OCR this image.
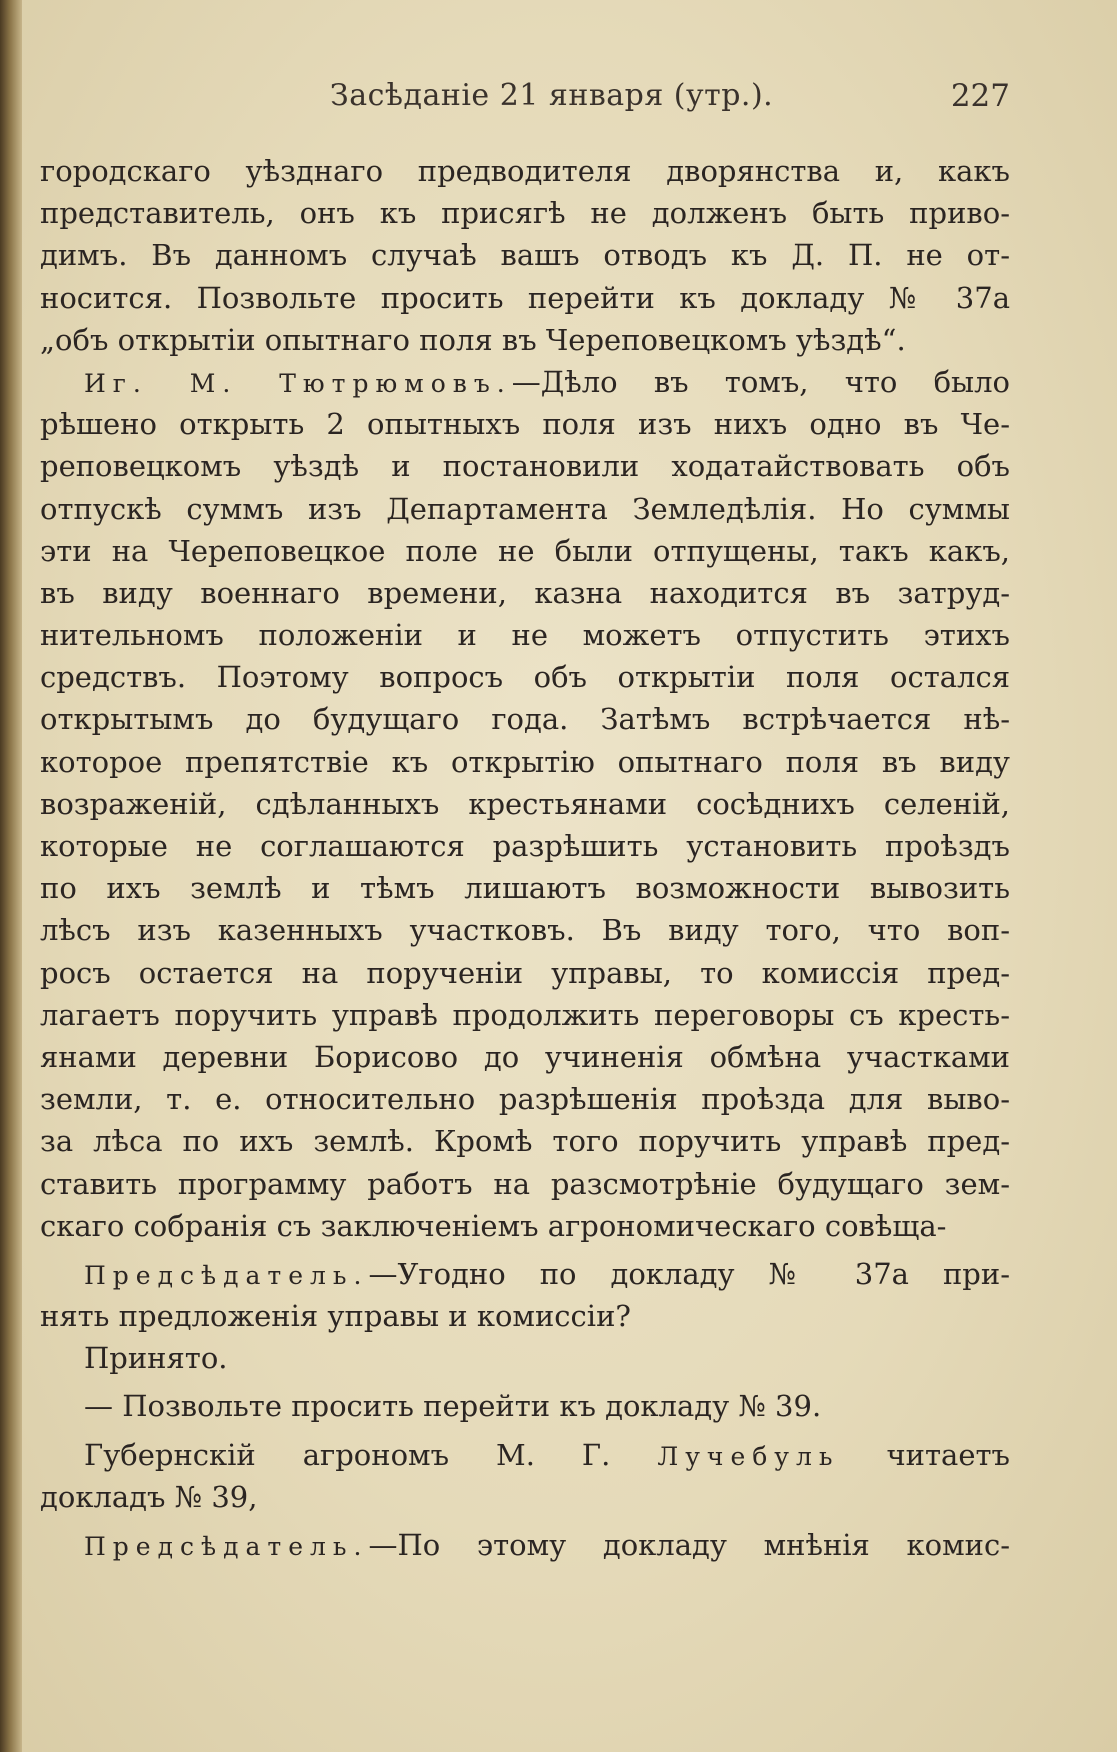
Засѣданіе 21 января (утр.).	227
городскаго уѣзднаго предводителя дворянства и, какъ
представитель, онъ къ присягѣ не долженъ быть приво-
димъ. Въ данномъ случаѣ вашъ отводъ къ Д. П. не от-
носится. Позвольте просить перейти къ докладу № 37а
„объ открытіи опытнаго поля въ Череповецкомъ уѣздѣ“.
Иг. М. Тютрюмовъ.—Дѣло въ томъ, что было
рѣшено открыть 2 опытныхъ поля изъ нихъ одно въ Че-
реповецкомъ уѣздѣ и постановили ходатайствовать объ
отпускѣ суммъ изъ Департамента Земледѣлія. Но суммы
эти на Череповецкое поле не были отпущены, такъ какъ,
въ виду военнаго времени, казна находится въ затруд-
нительномъ положеніи и не можетъ отпустить этихъ
средствъ. Поэтому вопросъ объ открытіи поля остался
открытымъ до будущаго года. Затѣмъ встрѣчается нѣ-
которое препятствіе къ открытію опытнаго поля въ виду
возраженій, сдѣланныхъ крестьянами сосѣднихъ селеній,
которые не соглашаются разрѣшить установить проѣздъ
по ихъ землѣ и тѣмъ лишаютъ возможности вывозить
лѣсъ изъ казенныхъ участковъ. Въ виду того, что воп-
росъ остается на порученіи управы, то комиссія пред-
лагаетъ поручить управѣ продолжить переговоры съ кресть-
янами деревни Борисово до учиненія обмѣна участками
земли, т. е. относительно разрѣшенія проѣзда для выво-
за лѣса по ихъ землѣ. Кромѣ того поручить управѣ пред-
ставить программу работъ на разсмотрѣніе будущаго зем-
скаго собранія съ заключеніемъ агрономическаго совѣща-
Предсѣдатель.—Угодно по докладу № 37а при-
нять предложенія управы и комиссіи?
Принято.
— Позвольте просить перейти къ докладу № 39.
Губернскій агрономъ М. Г. Лучебуль читаетъ
докладъ № 39,
Предсѣдатель.—По этому докладу мнѣнія комис-
